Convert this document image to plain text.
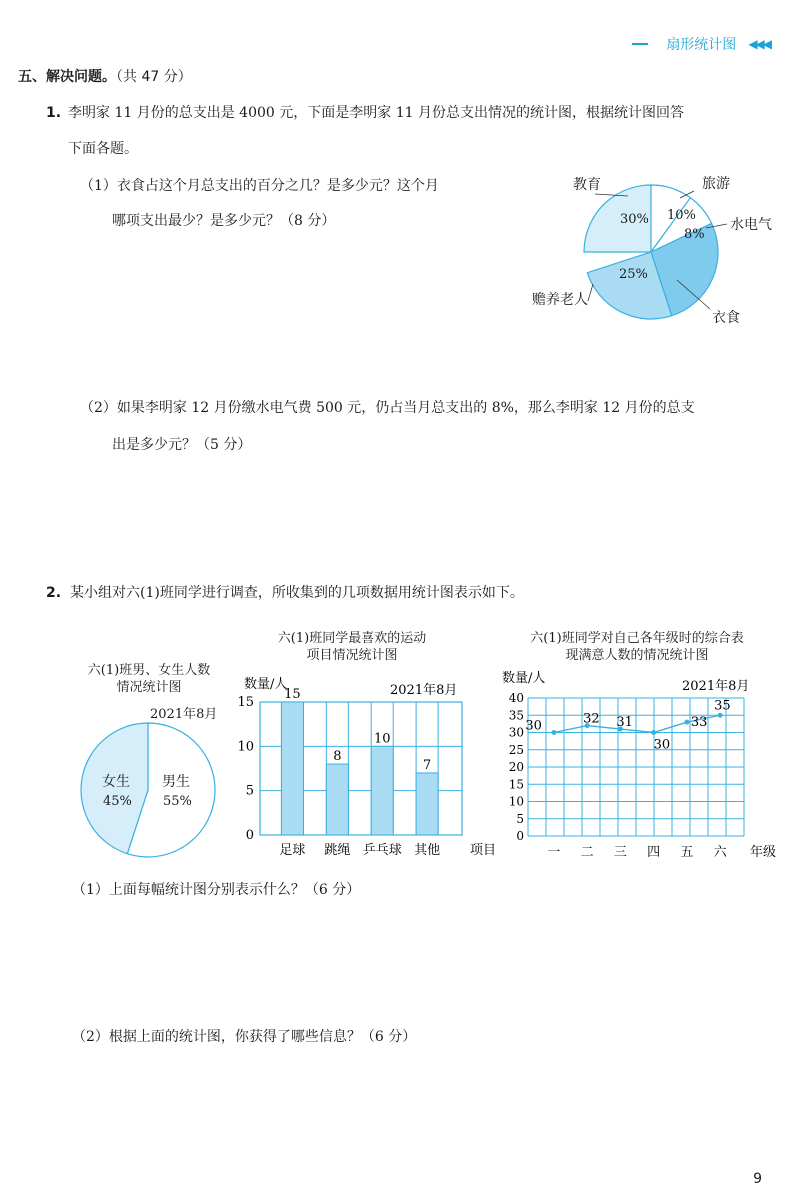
扇形统计图 ◀◀◀
五、解决问题。（共 47 分）
1. 李明家 11 月份的总支出是 4000 元，下面是李明家 11 月份总支出情况的统计图，根据统计图回答
下面各题。
（1）衣食占这个月总支出的百分之几？是多少元？这个月
哪项支出最少？是多少元？（8 分）
教育
30%
旅游
10%
水电气
8%
衣食
赡养老人
25%
（2）如果李明家 12 月份缴水电气费 500 元，仍占当月总支出的 8%，那么李明家 12 月份的总支
出是多少元？（5 分）
2. 某小组对六(1)班同学进行调查，所收集到的几项数据用统计图表示如下。
六(1)班男、女生人数情况统计图
2021年8月
女生
45%
男生
55%
六(1)班同学最喜欢的运动项目情况统计图
数量/人	2021年8月
0
5
10
15
15
足球
8
跳绳
10
乒乓球
7
其他 项目
六(1)班同学对自己各年级时的综合表现满意人数的情况统计图
数量/人
2021年8月
0
5
10
15
20
25
30
35
40
30	32 31
30
33
35
一 二 三 四 五 六 年级
（1）上面每幅统计图分别表示什么？（6 分）
（2）根据上面的统计图，你获得了哪些信息？（6 分）
9
